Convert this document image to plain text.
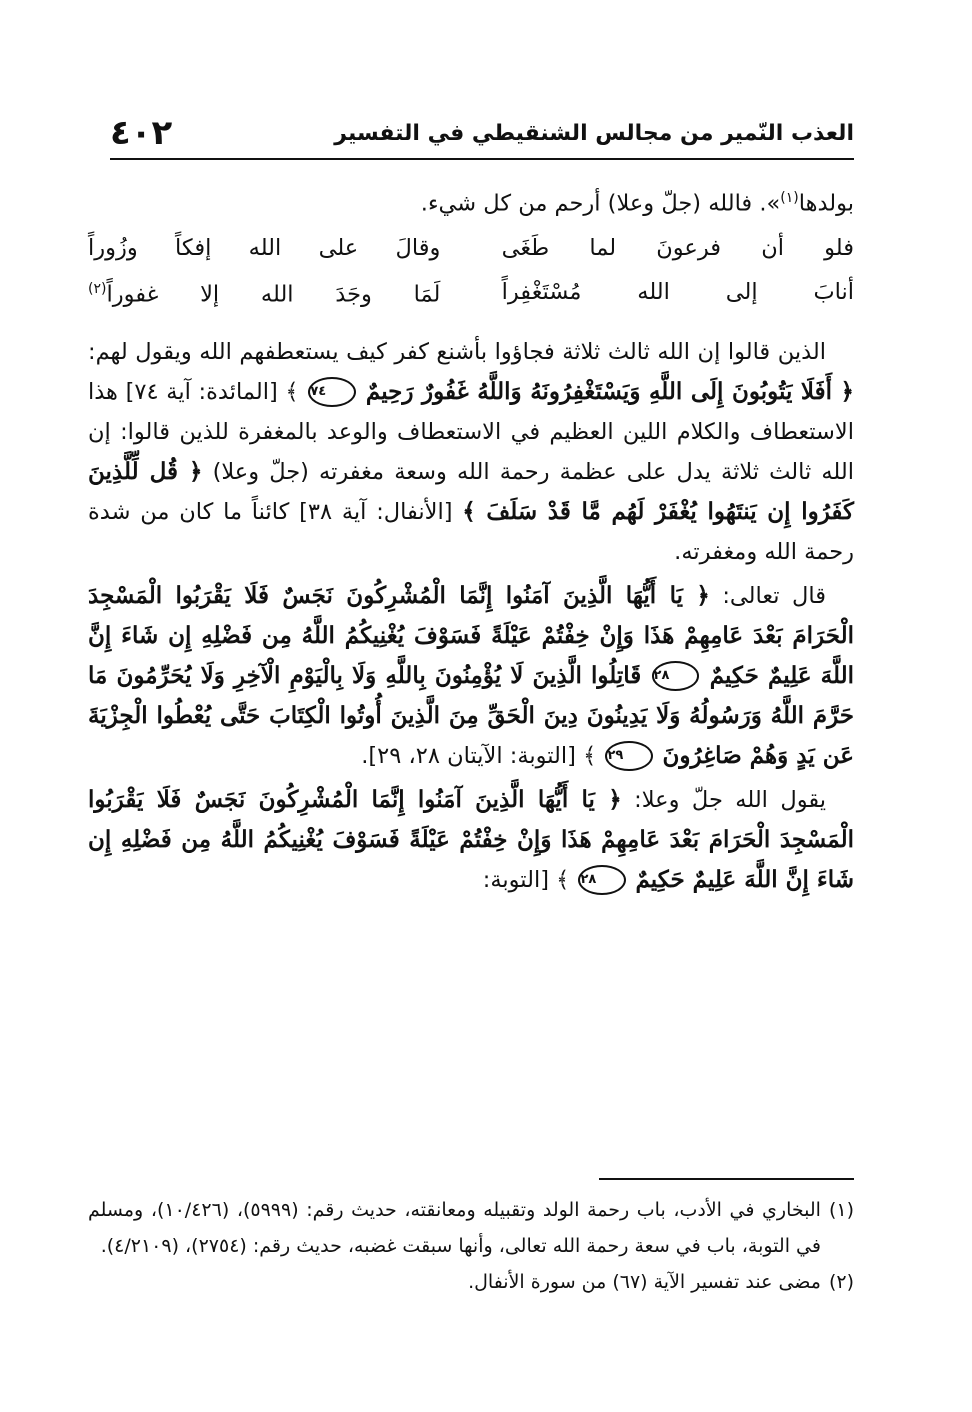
العذب النّمير من مجالس الشنقيطي في التفسير
٤٠٢

بولدها$^{(١)}$». فالله (جلّ وعلا) أرحم من كل شيء.

فلو أن فرعونَ لما طَغَى
وقالَ على الله إفكاً وزُوراً
أنابَ إلى الله مُسْتَغْفِراً
لَمَا وجَدَ الله إلا غفوراً$^{(٢)}$

الذين قالوا إن الله ثالث ثلاثة فجاؤوا بأشنع كفر كيف يستعطفهم الله ويقول لهم: ﴿ أَفَلَا يَتُوبُونَ إِلَى اللَّهِ وَيَسْتَغْفِرُونَهُ وَاللَّهُ غَفُورٌ رَحِيمٌ ٧٤ ﴾ [المائدة: آية ٧٤] هذا الاستعطاف والكلام اللين العظيم في الاستعطاف والوعد بالمغفرة للذين قالوا: إن الله ثالث ثلاثة يدل على عظمة رحمة الله وسعة مغفرته (جلّ وعلا) ﴿ قُل لِّلَّذِينَ كَفَرُوا إِن يَنتَهُوا يُغْفَرْ لَهُم مَّا قَدْ سَلَفَ ﴾ [الأنفال: آية ٣٨] كائناً ما كان من شدة رحمة الله ومغفرته.

قال تعالى: ﴿ يَا أَيُّهَا الَّذِينَ آمَنُوا إِنَّمَا الْمُشْرِكُونَ نَجَسٌ فَلَا يَقْرَبُوا الْمَسْجِدَ الْحَرَامَ بَعْدَ عَامِهِمْ هَذَا وَإِنْ خِفْتُمْ عَيْلَةً فَسَوْفَ يُغْنِيكُمُ اللَّهُ مِن فَضْلِهِ إِن شَاءَ إِنَّ اللَّهَ عَلِيمٌ حَكِيمٌ ٢٨ قَاتِلُوا الَّذِينَ لَا يُؤْمِنُونَ بِاللَّهِ وَلَا بِالْيَوْمِ الْآخِرِ وَلَا يُحَرِّمُونَ مَا حَرَّمَ اللَّهُ وَرَسُولُهُ وَلَا يَدِينُونَ دِينَ الْحَقِّ مِنَ الَّذِينَ أُوتُوا الْكِتَابَ حَتَّى يُعْطُوا الْجِزْيَةَ عَن يَدٍ وَهُمْ صَاغِرُونَ ٢٩ ﴾ [التوبة: الآيتان ٢٨، ٢٩].

يقول الله جلّ وعلا: ﴿ يَا أَيُّهَا الَّذِينَ آمَنُوا إِنَّمَا الْمُشْرِكُونَ نَجَسٌ فَلَا يَقْرَبُوا الْمَسْجِدَ الْحَرَامَ بَعْدَ عَامِهِمْ هَذَا وَإِنْ خِفْتُمْ عَيْلَةً فَسَوْفَ يُغْنِيكُمُ اللَّهُ مِن فَضْلِهِ إِن شَاءَ إِنَّ اللَّهَ عَلِيمٌ حَكِيمٌ ٢٨ ﴾ [التوبة:

(١)
البخاري في الأدب، باب رحمة الولد وتقبيله ومعانقته، حديث رقم: (٥٩٩٩)، (١٠/٤٢٦)، ومسلم في التوبة، باب في سعة رحمة الله تعالى، وأنها سبقت غضبه، حديث رقم: (٢٧٥٤)، (٤/٢١٠٩).

(٢)
مضى عند تفسير الآية (٦٧) من سورة الأنفال.
